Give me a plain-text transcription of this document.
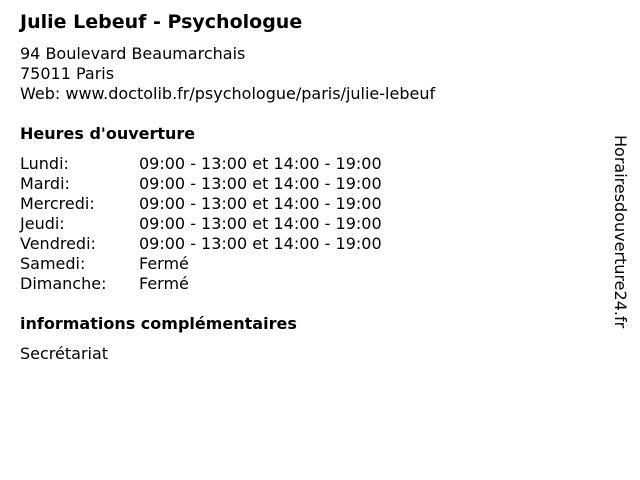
Julie Lebeuf - Psychologue
94 Boulevard Beaumarchais
75011 Paris
Web: www.doctolib.fr/psychologue/paris/julie-lebeuf
Heures d'ouverture
Lundi:	09:00 - 13:00 et 14:00 - 19:00
Mardi:	09:00 - 13:00 et 14:00 - 19:00
Mercredi:	09:00 - 13:00 et 14:00 - 19:00
Jeudi:	09:00 - 13:00 et 14:00 - 19:00
Vendredi:	09:00 - 13:00 et 14:00 - 19:00
Samedi:	Fermé
Dimanche: Fermé
informations complémentaires
Secrétariat
Horairesdouverture24.fr
